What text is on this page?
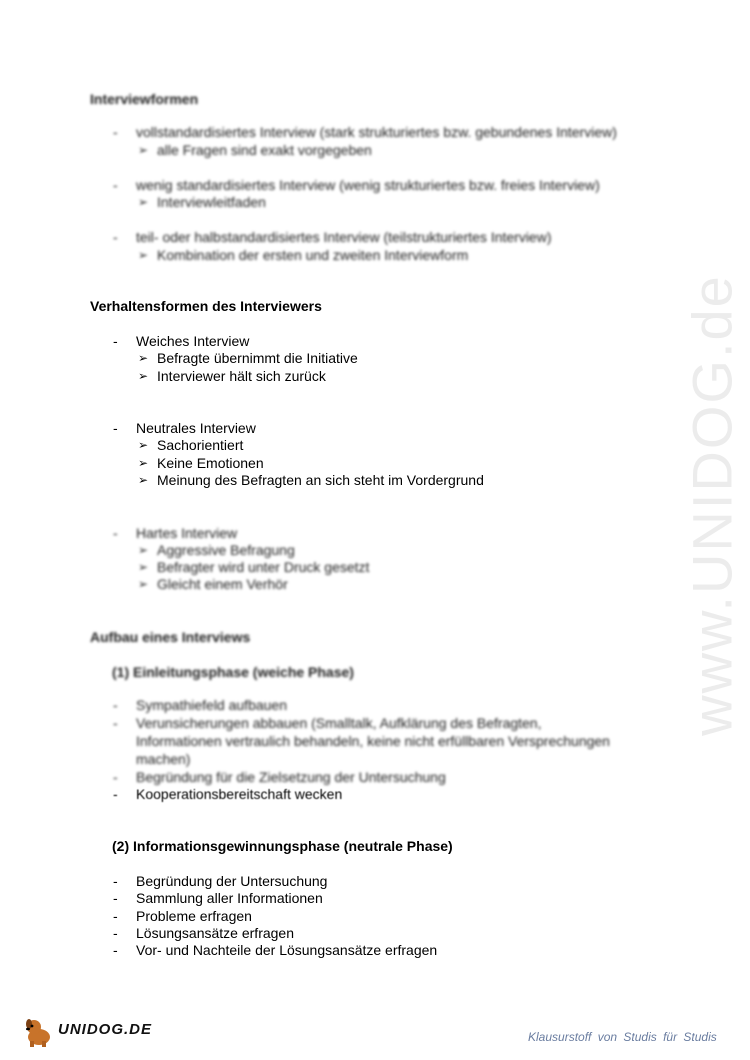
www.UNIDOG.de
Interviewformen
- vollstandardisiertes Interview (stark strukturiertes bzw. gebundenes Interview)
➢ alle Fragen sind exakt vorgegeben
- wenig standardisiertes Interview (wenig strukturiertes bzw. freies Interview)
➢ Interviewleitfaden
- teil- oder halbstandardisiertes Interview (teilstrukturiertes Interview)
➢ Kombination der ersten und zweiten Interviewform
Verhaltensformen des Interviewers
- Weiches Interview
➢ Befragte übernimmt die Initiative
➢ Interviewer hält sich zurück
- Neutrales Interview
➢ Sachorientiert
➢ Keine Emotionen
➢ Meinung des Befragten an sich steht im Vordergrund
- Hartes Interview
➢ Aggressive Befragung
➢ Befragter wird unter Druck gesetzt
➢ Gleicht einem Verhör
Aufbau eines Interviews
(1) Einleitungsphase (weiche Phase)
- Sympathiefeld aufbauen
- Verunsicherungen abbauen (Smalltalk, Aufklärung des Befragten,
Informationen vertraulich behandeln, keine nicht erfüllbaren Versprechungen
machen)
- Begründung für die Zielsetzung der Untersuchung
- Kooperationsbereitschaft wecken
(2) Informationsgewinnungsphase (neutrale Phase)
- Begründung der Untersuchung
- Sammlung aller Informationen
- Probleme erfragen
- Lösungsansätze erfragen
- Vor- und Nachteile der Lösungsansätze erfragen
UNIDOG.DE	Klausurstoff von Studis für Studis
